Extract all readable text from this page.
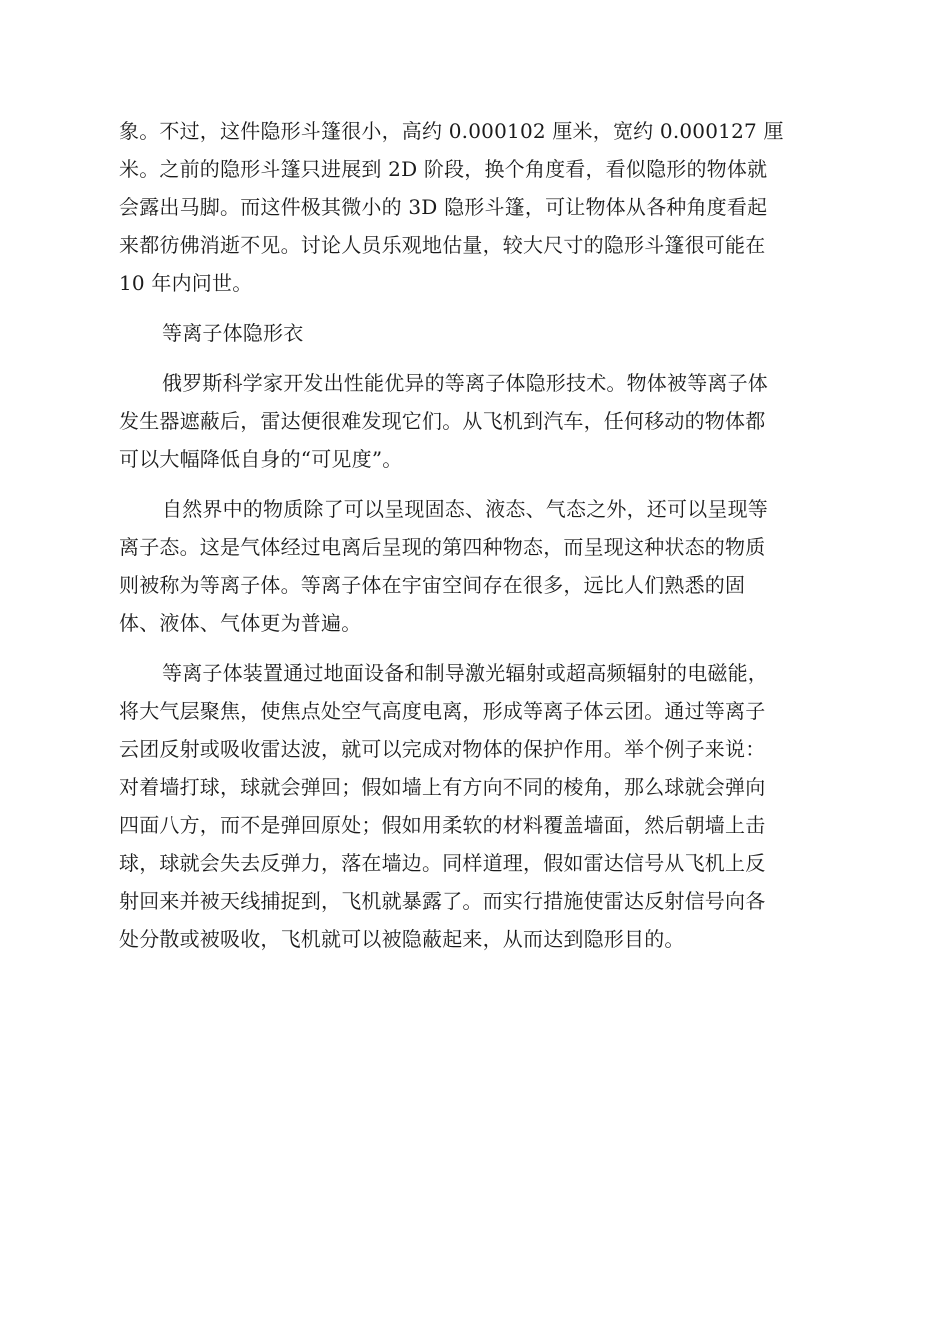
象。不过，这件隐形斗篷很小，高约 0.000102 厘米，宽约 0.000127 厘
米。之前的隐形斗篷只进展到 2D 阶段，换个角度看，看似隐形的物体就
会露出马脚。而这件极其微小的 3D 隐形斗篷，可让物体从各种角度看起
来都彷佛消逝不见。讨论人员乐观地估量，较大尺寸的隐形斗篷很可能在
10 年内问世。

等离子体隐形衣

俄罗斯科学家开发出性能优异的等离子体隐形技术。物体被等离子体
发生器遮蔽后，雷达便很难发现它们。从飞机到汽车，任何移动的物体都
可以大幅降低自身的“可见度”。

自然界中的物质除了可以呈现固态、液态、气态之外，还可以呈现等
离子态。这是气体经过电离后呈现的第四种物态，而呈现这种状态的物质
则被称为等离子体。等离子体在宇宙空间存在很多，远比人们熟悉的固
体、液体、气体更为普遍。

等离子体装置通过地面设备和制导激光辐射或超高频辐射的电磁能，
将大气层聚焦，使焦点处空气高度电离，形成等离子体云团。通过等离子
云团反射或吸收雷达波，就可以完成对物体的保护作用。举个例子来说：
对着墙打球，球就会弹回；假如墙上有方向不同的棱角，那么球就会弹向
四面八方，而不是弹回原处；假如用柔软的材料覆盖墙面，然后朝墙上击
球，球就会失去反弹力，落在墙边。同样道理，假如雷达信号从飞机上反
射回来并被天线捕捉到，飞机就暴露了。而实行措施使雷达反射信号向各
处分散或被吸收，飞机就可以被隐蔽起来，从而达到隐形目的。
